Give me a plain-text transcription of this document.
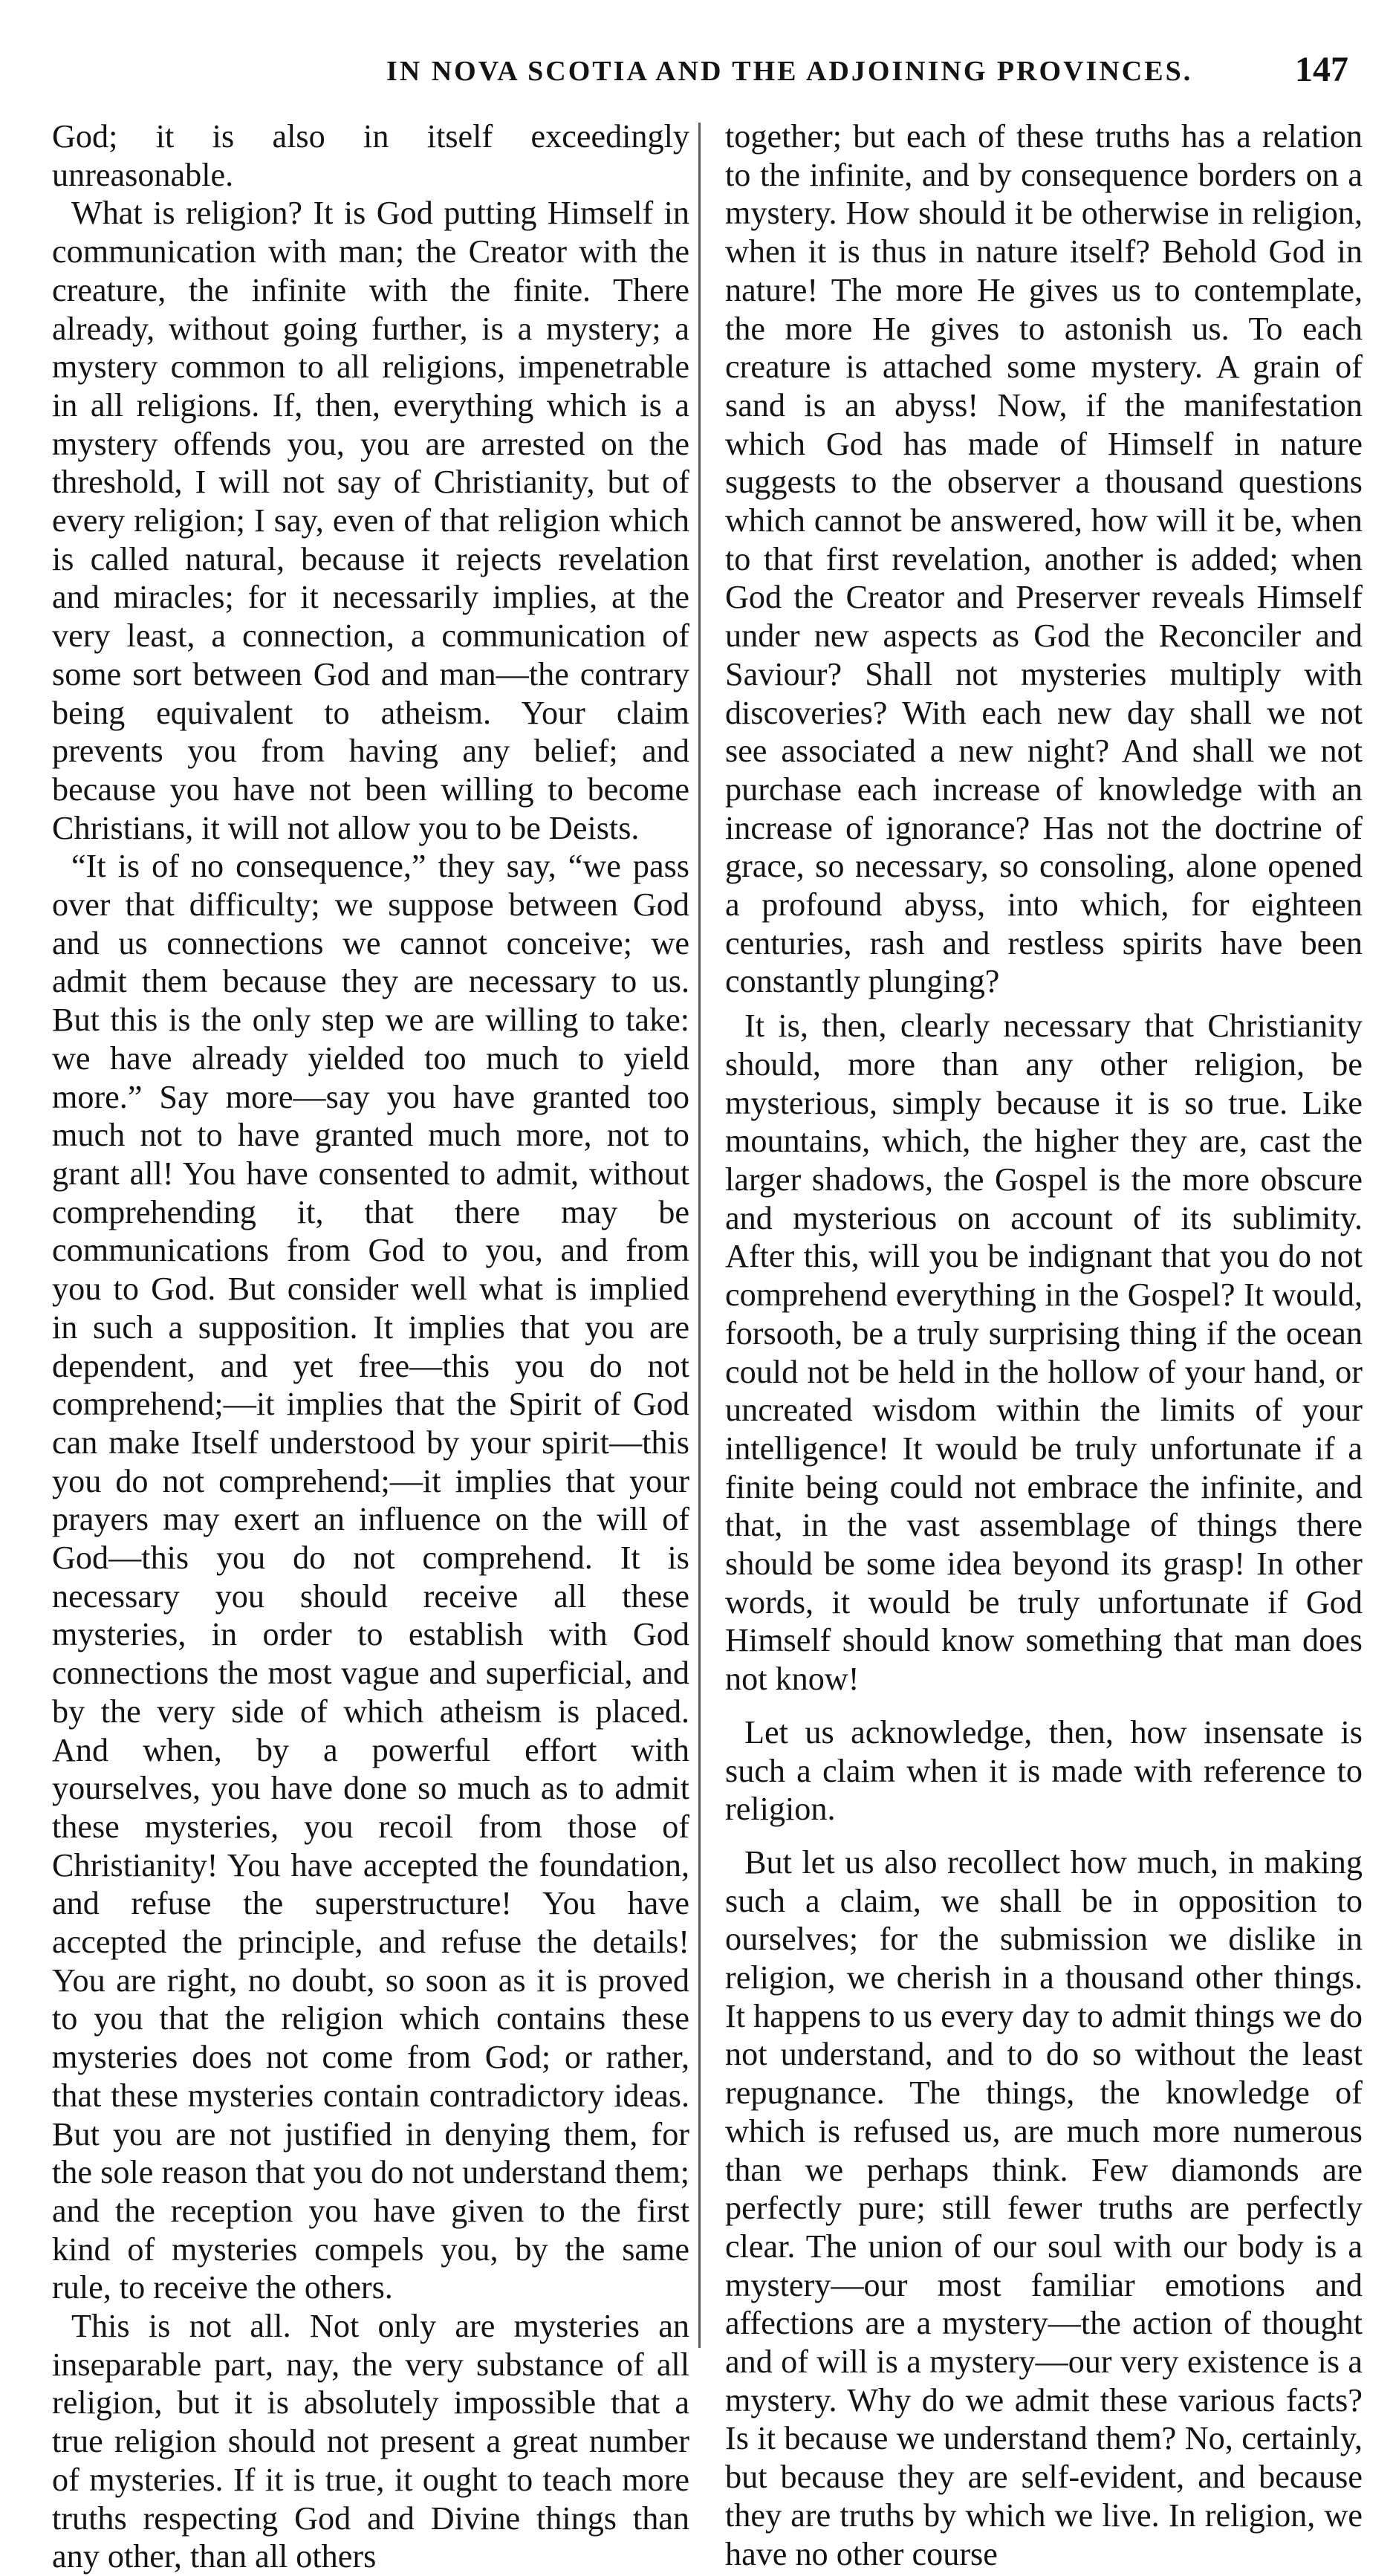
IN NOVA SCOTIA AND THE ADJOINING PROVINCES.	147

God; it is also in itself exceedingly unreasonable.

What is religion? It is God putting Himself in communication with man; the Creator with the creature, the infinite with the finite. There already, without going further, is a mystery; a mystery common to all religions, impenetrable in all religions. If, then, everything which is a mystery offends you, you are arrested on the threshold, I will not say of Christianity, but of every religion; I say, even of that religion which is called natural, because it rejects revelation and miracles; for it necessarily implies, at the very least, a connection, a communication of some sort between God and man—the contrary being equivalent to atheism. Your claim prevents you from having any belief; and because you have not been willing to become Christians, it will not allow you to be Deists.

“It is of no consequence,” they say, “we pass over that difficulty; we suppose between God and us connections we cannot conceive; we admit them because they are necessary to us. But this is the only step we are willing to take: we have already yielded too much to yield more.” Say more—say you have granted too much not to have granted much more, not to grant all! You have consented to admit, without comprehending it, that there may be communications from God to you, and from you to God. But consider well what is implied in such a supposition. It implies that you are dependent, and yet free—this you do not comprehend;—it implies that the Spirit of God can make Itself understood by your spirit—this you do not comprehend;—it implies that your prayers may exert an influence on the will of God—this you do not comprehend. It is necessary you should receive all these mysteries, in order to establish with God connections the most vague and superficial, and by the very side of which atheism is placed. And when, by a powerful effort with yourselves, you have done so much as to admit these mysteries, you recoil from those of Christianity! You have accepted the foundation, and refuse the superstructure! You have accepted the principle, and refuse the details! You are right, no doubt, so soon as it is proved to you that the religion which contains these mysteries does not come from God; or rather, that these mysteries contain contradictory ideas. But you are not justified in denying them, for the sole reason that you do not understand them; and the reception you have given to the first kind of mysteries compels you, by the same rule, to receive the others.

This is not all. Not only are mysteries an inseparable part, nay, the very substance of all religion, but it is absolutely impossible that a true religion should not present a great number of mysteries. If it is true, it ought to teach more truths respecting God and Divine things than any other, than all others

together; but each of these truths has a relation to the infinite, and by consequence borders on a mystery. How should it be otherwise in religion, when it is thus in nature itself? Behold God in nature! The more He gives us to contemplate, the more He gives to astonish us. To each creature is attached some mystery. A grain of sand is an abyss! Now, if the manifestation which God has made of Himself in nature suggests to the observer a thousand questions which cannot be answered, how will it be, when to that first revelation, another is added; when God the Creator and Preserver reveals Himself under new aspects as God the Reconciler and Saviour? Shall not mysteries multiply with discoveries? With each new day shall we not see associated a new night? And shall we not purchase each increase of knowledge with an increase of ignorance? Has not the doctrine of grace, so necessary, so consoling, alone opened a profound abyss, into which, for eighteen centuries, rash and restless spirits have been constantly plunging?

It is, then, clearly necessary that Christianity should, more than any other religion, be mysterious, simply because it is so true. Like mountains, which, the higher they are, cast the larger shadows, the Gospel is the more obscure and mysterious on account of its sublimity. After this, will you be indignant that you do not comprehend everything in the Gospel? It would, forsooth, be a truly surprising thing if the ocean could not be held in the hollow of your hand, or uncreated wisdom within the limits of your intelligence! It would be truly unfortunate if a finite being could not embrace the infinite, and that, in the vast assemblage of things there should be some idea beyond its grasp! In other words, it would be truly unfortunate if God Himself should know something that man does not know!

Let us acknowledge, then, how insensate is such a claim when it is made with reference to religion.

But let us also recollect how much, in making such a claim, we shall be in opposition to ourselves; for the submission we dislike in religion, we cherish in a thousand other things. It happens to us every day to admit things we do not understand, and to do so without the least repugnance. The things, the knowledge of which is refused us, are much more numerous than we perhaps think. Few diamonds are perfectly pure; still fewer truths are perfectly clear. The union of our soul with our body is a mystery—our most familiar emotions and affections are a mystery—the action of thought and of will is a mystery—our very existence is a mystery. Why do we admit these various facts? Is it because we understand them? No, certainly, but because they are self-evident, and because they are truths by which we live. In religion, we have no other course
